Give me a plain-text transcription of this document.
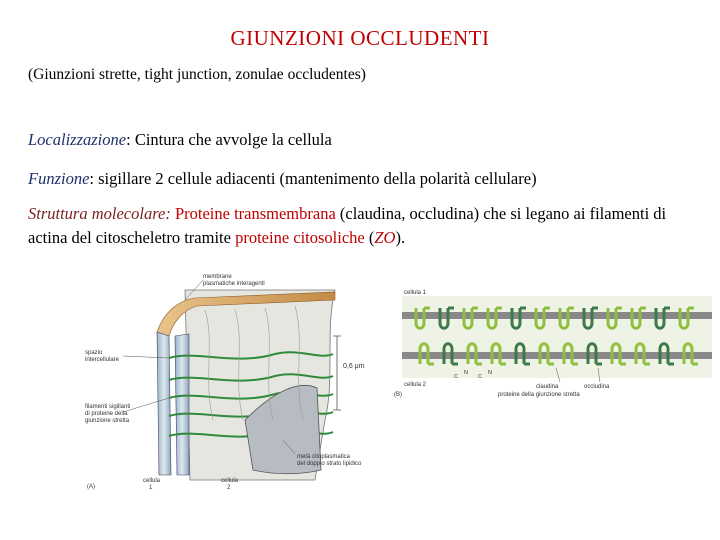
GIUNZIONI OCCLUDENTI
(Giunzioni strette, tight junction, zonulae occludentes)
Localizzazione: Cintura che avvolge la cellula
Funzione: sigillare 2 cellule adiacenti (mantenimento della polarità cellulare)
Struttura molecolare: Proteine transmembrana (claudina, occludina) che si legano ai filamenti di actina del citoscheletro tramite proteine citosoliche (ZO).
0,6 μm
membrane
plasmatiche interagenti
spazio
intercellulare
filamenti sigillanti
di proteine della
giunzione stretta
metà citoplasmatica
del doppio strato lipidico
(A)
cellula
1
cellula
2
cellula 1
cellula 2
(B)
C
N
C
N
claudina	occludina
proteine della giunzione stretta
